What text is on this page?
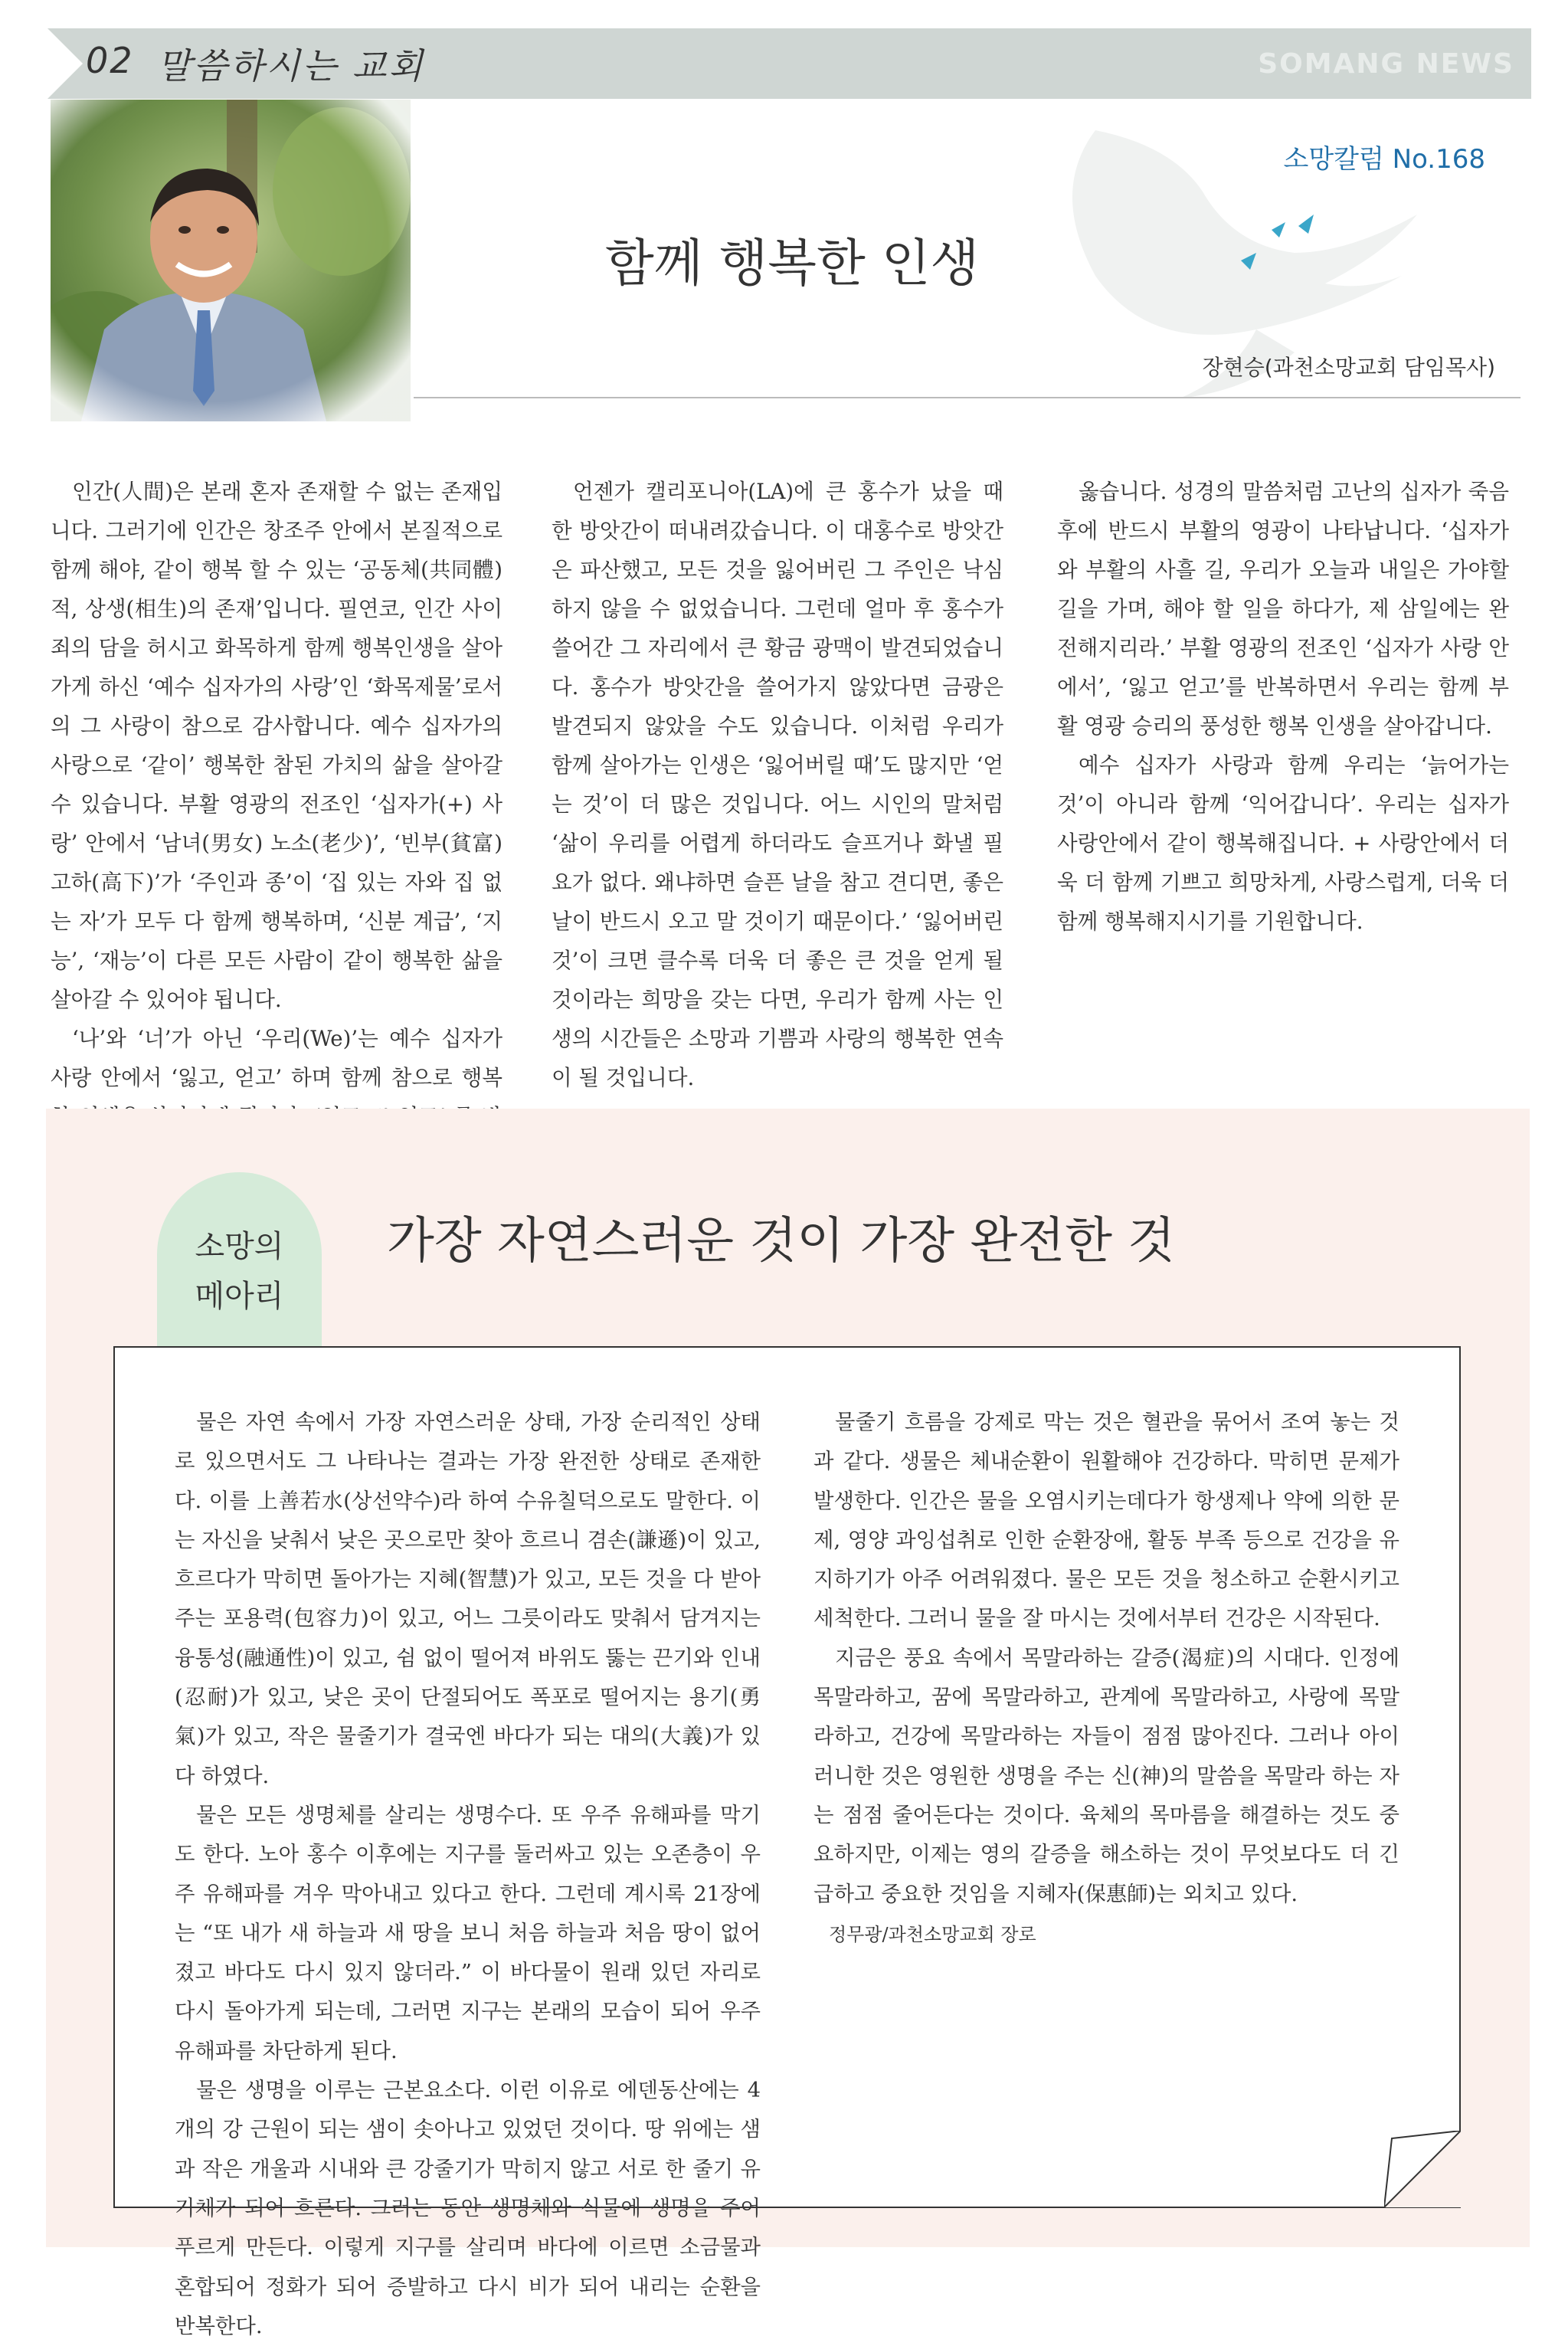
02 말씀하시는 교회	SOMANG NEWS
소망칼럼 No.168
함께 행복한 인생
장현승(과천소망교회 담임목사)

인간(人間)은 본래 혼자 존재할 수 없는 존재입니다. 그러기에 인간은 창조주 안에서 본질적으로 함께 해야, 같이 행복 할 수 있는 ‘공동체(共同體)적, 상생(相生)의 존재’입니다. 필연코, 인간 사이 죄의 담을 허시고 화목하게 함께 행복인생을 살아가게 하신 ‘예수 십자가의 사랑’인 ‘화목제물’로서의 그 사랑이 참으로 감사합니다. 예수 십자가의 사랑으로 ‘같이’ 행복한 참된 가치의 삶을 살아갈 수 있습니다. 부활 영광의 전조인 ‘십자가(+) 사랑’ 안에서 ‘남녀(男女) 노소(老少)’, ‘빈부(貧富) 고하(高下)’가 ‘주인과 종’이 ‘집 있는 자와 집 없는 자’가 모두 다 함께 행복하며, ‘신분 계급’, ‘지능’, ‘재능’이 다른 모든 사람이 같이 행복한 삶을 살아갈 수 있어야 됩니다.

‘나’와 ‘너’가 아닌 ‘우리(We)’는 예수 십자가 사랑 안에서 ‘잃고, 얻고’ 하며 함께 참으로 행복

언젠가 캘리포니아(LA)에 큰 홍수가 났을 때 한 방앗간이 떠내려갔습니다. 이 대홍수로 방앗간은 파산했고, 모든 것을 잃어버린 그 주인은 낙심하지 않을 수 없었습니다. 그런데 얼마 후 홍수가 쓸어간 그 자리에서 큰 황금 광맥이 발견되었습니다. 홍수가 방앗간을 쓸어가지 않았다면 금광은 발견되지 않았을 수도 있습니다. 이처럼 우리가 함께 살아가는 인생은 ‘잃어버릴 때’도 많지만 ‘얻는 것’이 더 많은 것입니다. 어느 시인의 말처럼 ‘삶이 우리를 어렵게 하더라도 슬프거나 화낼 필요가 없다. 왜냐하면 슬픈 날을 참고 견디면, 좋은 날이 반드시 오고 말 것이기 때문이다.’ ‘잃어버린 것’이 크면 클수록 더욱 더 좋은 큰 것을 얻게 될 것이라는 희망을 갖는 다면, 우리가 함께 사는 인생의 시간들은 소망과 기쁨과 사랑의 행복한 연속이 될 것입니다.

옳습니다. 성경의 말씀처럼 고난의 십자가 죽음 후에 반드시 부활의 영광이 나타납니다. ‘십자가와 부활의 사흘 길, 우리가 오늘과 내일은 가야할 길을 가며, 해야 할 일을 하다가, 제 삼일에는 완전해지리라.’ 부활 영광의 전조인 ‘십자가 사랑 안에서’, ‘잃고 얻고’를 반복하면서 우리는 함께 부활 영광 승리의 풍성한 행복 인생을 살아갑니다.

예수 십자가 사랑과 함께 우리는 ‘늙어가는 것’이 아니라 함께 ‘익어갑니다’. 우리는 십자가 사랑안에서 같이 행복해집니다. + 사랑안에서 더욱 더 함께 기쁘고 희망차게, 사랑스럽게, 더욱 더 함께 행복해지시기를 기원합니다.

소망의
메아리
가장 자연스러운 것이 가장 완전한 것

물은 자연 속에서 가장 자연스러운 상태, 가장 순리적인 상태로 있으면서도 그 나타나는 결과는 가장 완전한 상태로 존재한다. 이를 上善若水(상선약수)라 하여 수유칠덕으로도 말한다. 이는 자신을 낮춰서 낮은 곳으로만 찾아 흐르니 겸손(謙遜)이 있고, 흐르다가 막히면 돌아가는 지혜(智慧)가 있고, 모든 것을 다 받아 주는 포용력(包容力)이 있고, 어느 그릇이라도 맞춰서 담겨지는 융통성(融通性)이 있고, 쉼 없이 떨어져 바위도 뚫는 끈기와 인내(忍耐)가 있고, 낮은 곳이 단절되어도 폭포로 떨어지는 용기(勇氣)가 있고, 작은 물줄기가 결국엔 바다가 되는 대의(大義)가 있다 하였다.

물은 모든 생명체를 살리는 생명수다. 또 우주 유해파를 막기도 한다. 노아 홍수 이후에는 지구를 둘러싸고 있는 오존층이 우주 유해파를 겨우 막아내고 있다고 한다. 그런데 계시록 21장에는 “또 내가 새 하늘과 새 땅을 보니 처음 하늘과 처음 땅이 없어졌고 바다도 다시 있지 않더라.” 이 바다물이 원래 있던 자리로 다시 돌아가게 되는데, 그러면 지구는 본래의 모습이 되어 우주 유해파를 차단하게 된다.

물은 생명을 이루는 근본요소다. 이런 이유로 에덴동산에는 4개의 강 근원이 되는 샘이 솟아나고 있었던 것이다. 땅 위에는 샘과 작은 개울과 시내와 큰 강줄기가 막히지 않고 서로 한 줄기 유기체가 되어 흐른다. 그러는 동안 생명체와 식물에 생명을 주어 푸르게 만든다. 이렇게 지구를 살리며 바다에 이르면 소금물과 혼합되어 정화가 되어 증발하고 다시 비가 되어 내리는 순환을 반복한다.

물줄기 흐름을 강제로 막는 것은 혈관을 묶어서 조여 놓는 것과 같다. 생물은 체내순환이 원활해야 건강하다. 막히면 문제가 발생한다. 인간은 물을 오염시키는데다가 항생제나 약에 의한 문제, 영양 과잉섭취로 인한 순환장애, 활동 부족 등으로 건강을 유지하기가 아주 어려워졌다. 물은 모든 것을 청소하고 순환시키고 세척한다. 그러니 물을 잘 마시는 것에서부터 건강은 시작된다.

지금은 풍요 속에서 목말라하는 갈증(渴症)의 시대다. 인정에 목말라하고, 꿈에 목말라하고, 관계에 목말라하고, 사랑에 목말라하고, 건강에 목말라하는 자들이 점점 많아진다. 그러나 아이러니한 것은 영원한 생명을 주는 신(神)의 말씀을 목말라 하는 자는 점점 줄어든다는 것이다. 육체의 목마름을 해결하는 것도 중요하지만, 이제는 영의 갈증을 해소하는 것이 무엇보다도 더 긴급하고 중요한 것임을 지혜자(保惠師)는 외치고 있다.

정무광/과천소망교회 장로
